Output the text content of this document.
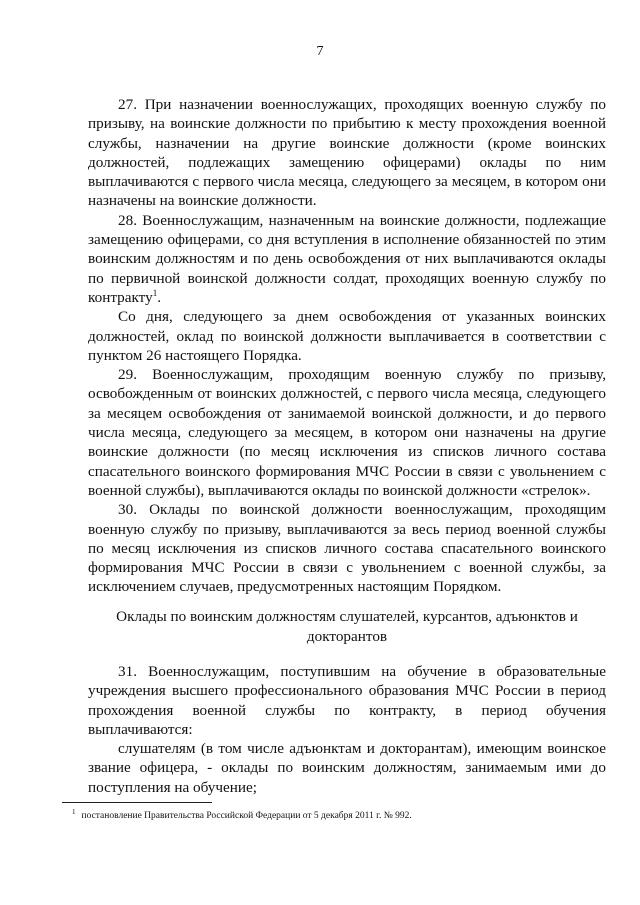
7

27. При назначении военнослужащих, проходящих военную службу по призыву, на воинские должности по прибытию к месту прохождения военной службы, назначении на другие воинские должности (кроме воинских должностей, подлежащих замещению офицерами) оклады по ним выплачиваются с первого числа месяца, следующего за месяцем, в котором они назначены на воинские должности.

28. Военнослужащим, назначенным на воинские должности, подлежащие замещению офицерами, со дня вступления в исполнение обязанностей по этим воинским должностям и по день освобождения от них выплачиваются оклады по первичной воинской должности солдат, проходящих военную службу по контракту$^1$.

Со дня, следующего за днем освобождения от указанных воинских должностей, оклад по воинской должности выплачивается в соответствии с пунктом 26 настоящего Порядка.

29. Военнослужащим, проходящим военную службу по призыву, освобожденным от воинских должностей, с первого числа месяца, следующего за месяцем освобождения от занимаемой воинской должности, и до первого числа месяца, следующего за месяцем, в котором они назначены на другие воинские должности (по месяц исключения из списков личного состава спасательного воинского формирования МЧС России в связи с увольнением с военной службы), выплачиваются оклады по воинской должности «стрелок».

30. Оклады по воинской должности военнослужащим, проходящим военную службу по призыву, выплачиваются за весь период военной службы по месяц исключения из списков личного состава спасательного воинского формирования МЧС России в связи с увольнением с военной службы, за исключением случаев, предусмотренных настоящим Порядком.

Оклады по воинским должностям слушателей, курсантов, адъюнктов и докторантов

31. Военнослужащим, поступившим на обучение в образовательные учреждения высшего профессионального образования МЧС России в период прохождения военной службы по контракту, в период обучения выплачиваются:

слушателям (в том числе адъюнктам и докторантам), имеющим воинское звание офицера, - оклады по воинским должностям, занимаемым ими до поступления на обучение;

$^1$ постановление Правительства Российской Федерации от 5 декабря 2011 г. № 992.
